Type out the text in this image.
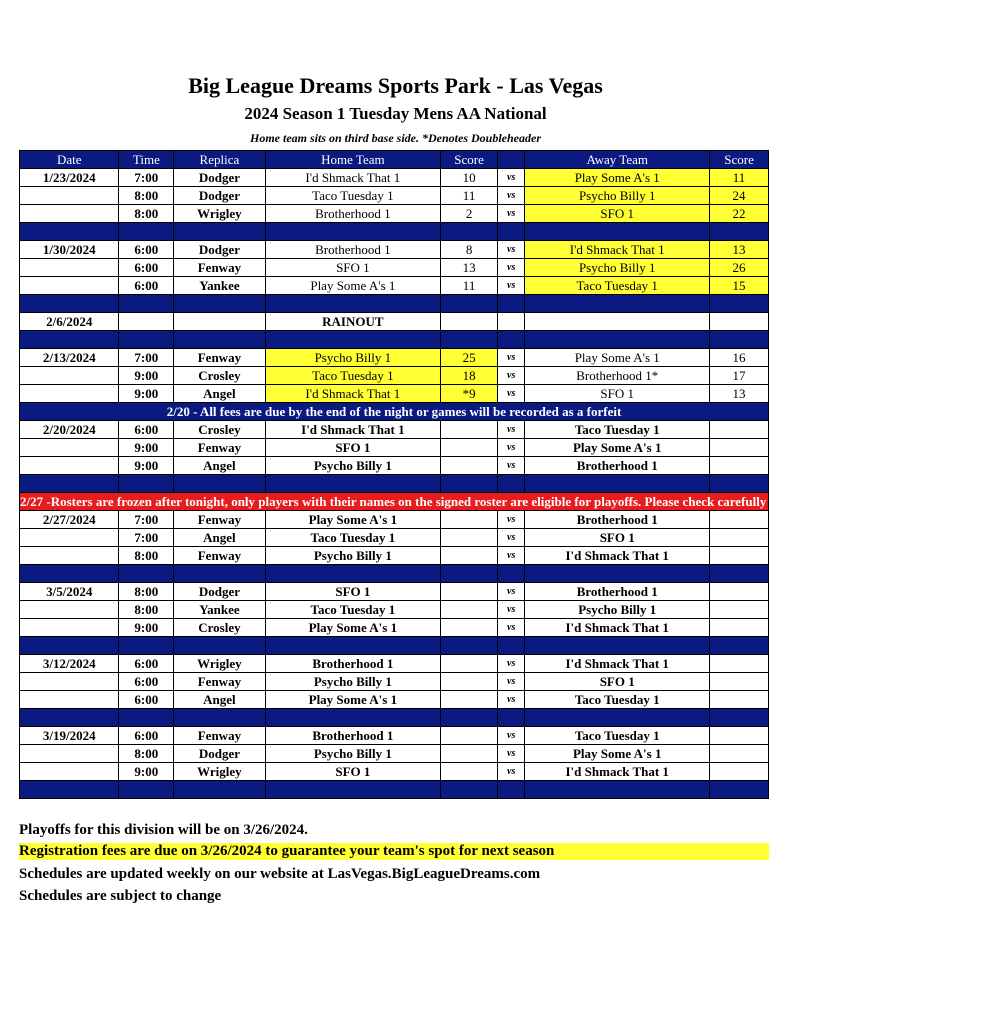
Big League Dreams Sports Park - Las Vegas
2024 Season 1 Tuesday Mens AA National
Home team sits on third base side. *Denotes Doubleheader
Date	Time	Replica	Home Team	Score		Away Team	Score
1/23/2024	7:00	Dodger	I'd Shmack That 1	10	vs	Play Some A's 1	11
	8:00	Dodger	Taco Tuesday 1	11	vs	Psycho Billy 1	24
	8:00	Wrigley	Brotherhood 1	2	vs	SFO 1	22

1/30/2024	6:00	Dodger	Brotherhood 1	8	vs	I'd Shmack That 1	13
	6:00	Fenway	SFO 1	13	vs	Psycho Billy 1	26
	6:00	Yankee	Play Some A's 1	11	vs	Taco Tuesday 1	15

2/6/2024			RAINOUT				

2/13/2024	7:00	Fenway	Psycho Billy 1	25	vs	Play Some A's 1	16
	9:00	Crosley	Taco Tuesday 1	18	vs	Brotherhood 1*	17
	9:00	Angel	I'd Shmack That 1	*9	vs	SFO 1	13
2/20 - All fees are due by the end of the night or games will be recorded as a forfeit							
2/20/2024	6:00	Crosley	I'd Shmack That 1		vs	Taco Tuesday 1	
	9:00	Fenway	SFO 1		vs	Play Some A's 1	
	9:00	Angel	Psycho Billy 1		vs	Brotherhood 1	

2/27 -Rosters are frozen after tonight, only players with their names on the signed roster are eligible for playoffs. Please check carefully as changes will not be made for omissions.							
2/27/2024	7:00	Fenway	Play Some A's 1		vs	Brotherhood 1	
	7:00	Angel	Taco Tuesday 1		vs	SFO 1	
	8:00	Fenway	Psycho Billy 1		vs	I'd Shmack That 1	

3/5/2024	8:00	Dodger	SFO 1		vs	Brotherhood 1	
	8:00	Yankee	Taco Tuesday 1		vs	Psycho Billy 1	
	9:00	Crosley	Play Some A's 1		vs	I'd Shmack That 1	

3/12/2024	6:00	Wrigley	Brotherhood 1		vs	I'd Shmack That 1	
	6:00	Fenway	Psycho Billy 1		vs	SFO 1	
	6:00	Angel	Play Some A's 1		vs	Taco Tuesday 1	

3/19/2024	6:00	Fenway	Brotherhood 1		vs	Taco Tuesday 1	
	8:00	Dodger	Psycho Billy 1		vs	Play Some A's 1	
	9:00	Wrigley	SFO 1		vs	I'd Shmack That 1	

Playoffs for this division will be on 3/26/2024.
Registration fees are due on 3/26/2024 to guarantee your team's spot for next season
Schedules are updated weekly on our website at LasVegas.BigLeagueDreams.com
Schedules are subject to change
